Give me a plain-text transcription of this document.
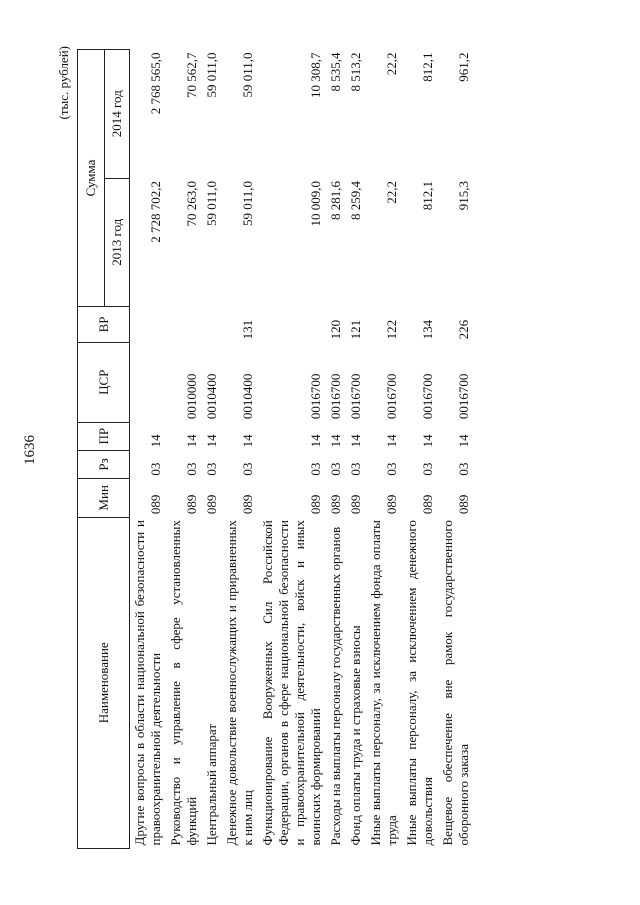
1636
(тыс. рублей)
Наименование	Мин	Рз	ПР	ЦСР	ВР	Сумма	
						2013 год	2014 год
Другие вопросы в области национальной безопасности и правоохранительной деятельности	089	03	14			2 728 702,2	2 768 565,0
Руководство и управление в сфере установленных функций	089	03	14	0010000		70 263,0	70 562,7
Центральный аппарат	089	03	14	0010400		59 011,0	59 011,0
Денежное довольствие военнослужащих и приравненных к ним лиц	089	03	14	0010400	131	59 011,0	59 011,0
Функционирование Вооруженных Сил Российской Федерации, органов в сфере национальной безопасности и правоохранительной деятельности, войск и иных воинских формирований	089	03	14	0016700		10 009,0	10 308,7
Расходы на выплаты персоналу государственных органов	089	03	14	0016700	120	8 281,6	8 535,4
Фонд оплаты труда и страховые взносы	089	03	14	0016700	121	8 259,4	8 513,2
Иные выплаты персоналу, за исключением фонда оплаты труда	089	03	14	0016700	122	22,2	22,2
Иные выплаты персоналу, за исключением денежного довольствия	089	03	14	0016700	134	812,1	812,1
Вещевое обеспечение вне рамок государственного оборонного заказа	089	03	14	0016700	226	915,3	961,2
